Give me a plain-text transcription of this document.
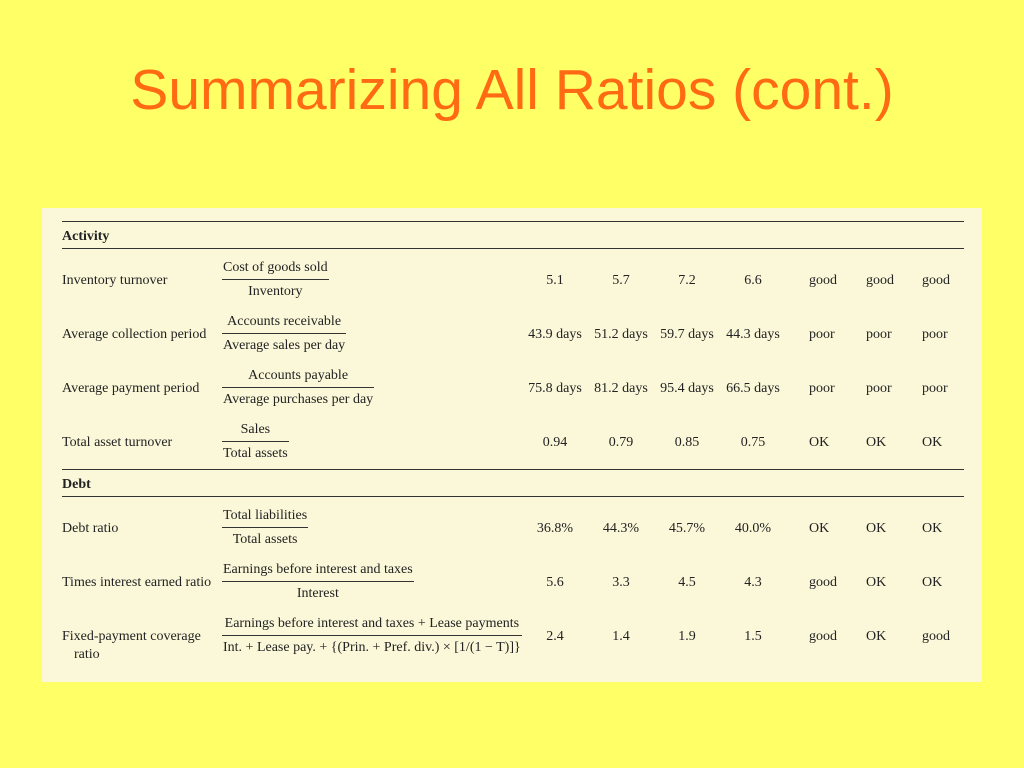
Summarizing All Ratios (cont.)
Activity
Inventory turnover
Cost of goods sold
Inventory
5.1	5.7	7.2	6.6	good good good
Average collection period
Accounts receivable
Average sales per day
43.9 days 51.2 days 59.7 days 44.3 days	poor poor poor
Average payment period
Accounts payable
Average purchases per day
75.8 days 81.2 days 95.4 days 66.5 days	poor poor poor
Total asset turnover
Sales
Total assets
0.94	0.79	0.85	0.75	OK	OK	OK
Debt
Debt ratio
Total liabilities
Total assets
36.8%	44.3%	45.7%	40.0%	OK	OK	OK
Times interest earned ratio
Earnings before interest and taxes
Interest
5.6	3.3	4.5	4.3	good OK	OK
Fixed-payment coverage
ratio
Earnings before interest and taxes + Lease payments
Int. + Lease pay. + {(Prin. + Pref. div.) × [1/(1 − T)]}
2.4	1.4	1.9	1.5	good OK	good
